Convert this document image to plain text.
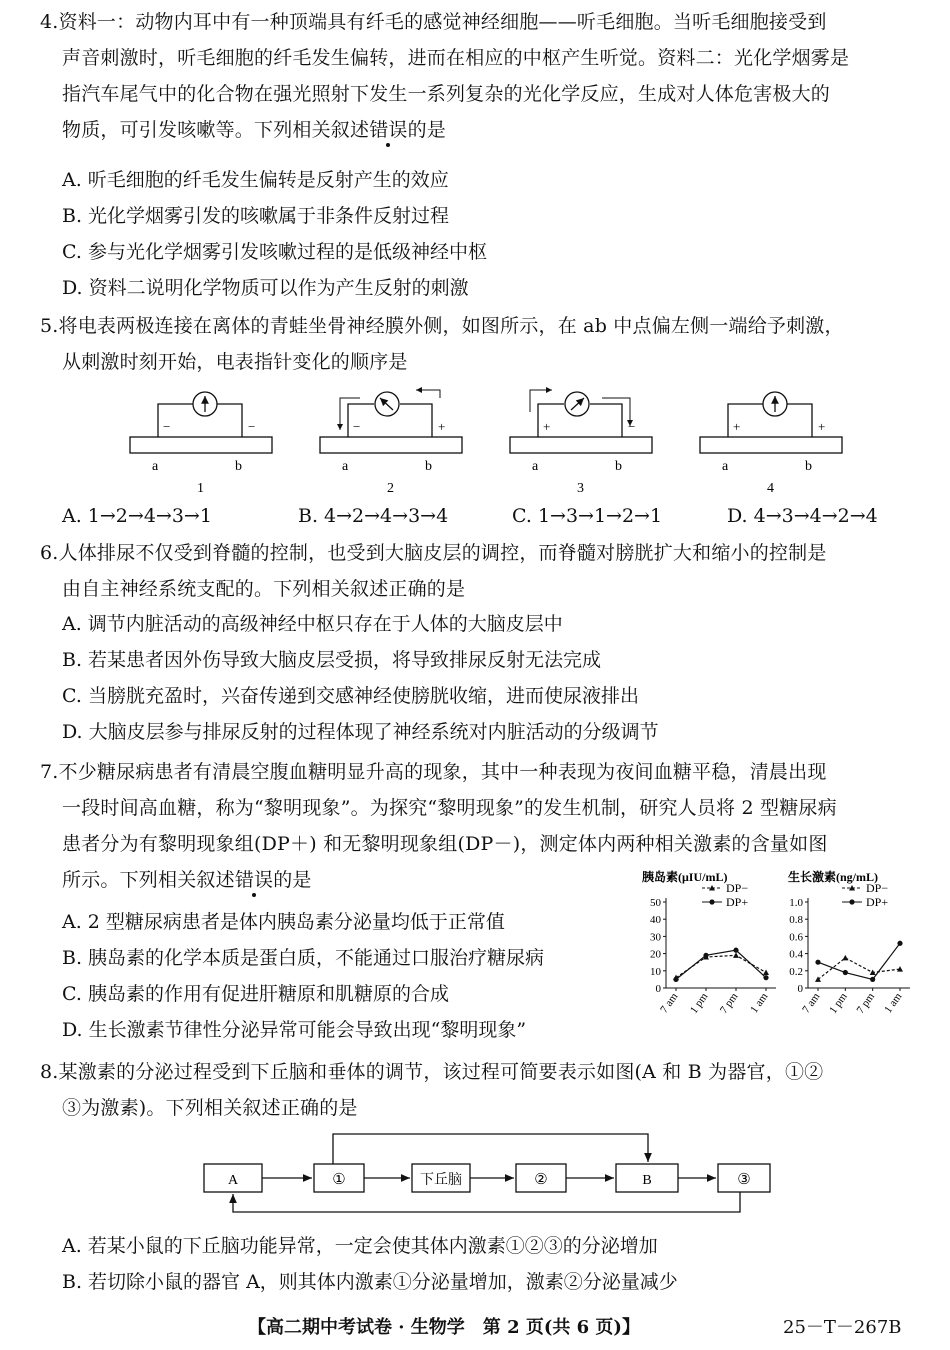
4.资料一：动物内耳中有一种顶端具有纤毛的感觉神经细胞——听毛细胞。当听毛细胞接受到
声音刺激时，听毛细胞的纤毛发生偏转，进而在相应的中枢产生听觉。资料二：光化学烟雾是
指汽车尾气中的化合物在强光照射下发生一系列复杂的光化学反应，生成对人体危害极大的
物质，可引发咳嗽等。下列相关叙述错误的是
A. 听毛细胞的纤毛发生偏转是反射产生的效应
B. 光化学烟雾引发的咳嗽属于非条件反射过程
C. 参与光化学烟雾引发咳嗽过程的是低级神经中枢
D. 资料二说明化学物质可以作为产生反射的刺激
5.将电表两极连接在离体的青蛙坐骨神经膜外侧，如图所示，在 ab 中点偏左侧一端给予刺激，
从刺激时刻开始，电表指针变化的顺序是
−	−
a	b
1
−	+
a	b
2
+	−
a	b
3
+	+
a	b
4
A. 1→2→4→3→1	B. 4→2→4→3→4	C. 1→3→1→2→1	D. 4→3→4→2→4
6.人体排尿不仅受到脊髓的控制，也受到大脑皮层的调控，而脊髓对膀胱扩大和缩小的控制是
由自主神经系统支配的。下列相关叙述正确的是
A. 调节内脏活动的高级神经中枢只存在于人体的大脑皮层中
B. 若某患者因外伤导致大脑皮层受损，将导致排尿反射无法完成
C. 当膀胱充盈时，兴奋传递到交感神经使膀胱收缩，进而使尿液排出
D. 大脑皮层参与排尿反射的过程体现了神经系统对内脏活动的分级调节
7.不少糖尿病患者有清晨空腹血糖明显升高的现象，其中一种表现为夜间血糖平稳，清晨出现
一段时间高血糖，称为“黎明现象”。为探究“黎明现象”的发生机制，研究人员将 2 型糖尿病
患者分为有黎明现象组(DP＋) 和无黎明现象组(DP－)，测定体内两种相关激素的含量如图
所示。下列相关叙述错误的是
A. 2 型糖尿病患者是体内胰岛素分泌量均低于正常值
B. 胰岛素的化学本质是蛋白质，不能通过口服治疗糖尿病
C. 胰岛素的作用有促进肝糖原和肌糖原的合成
D. 生长激素节律性分泌异常可能会导致出现“黎明现象”
胰岛素(μIU/mL)
0
10
20
30
40
50
7 am 1 pm 7 pm 1 am
DP−
DP+
生长激素(ng/mL)
0
0.2
0.4
0.6
0.8
1.0
7 am 1 pm 7 pm 1 am
DP−
DP+
8.某激素的分泌过程受到下丘脑和垂体的调节，该过程可简要表示如图(A 和 B 为器官，①②
③为激素)。下列相关叙述正确的是
A	①	下丘脑	②	B	③
A. 若某小鼠的下丘脑功能异常，一定会使其体内激素①②③的分泌增加
B. 若切除小鼠的器官 A，则其体内激素①分泌量增加，激素②分泌量减少
【高二期中考试卷 · 生物学　第 2 页(共 6 页)】	25－T－267B
